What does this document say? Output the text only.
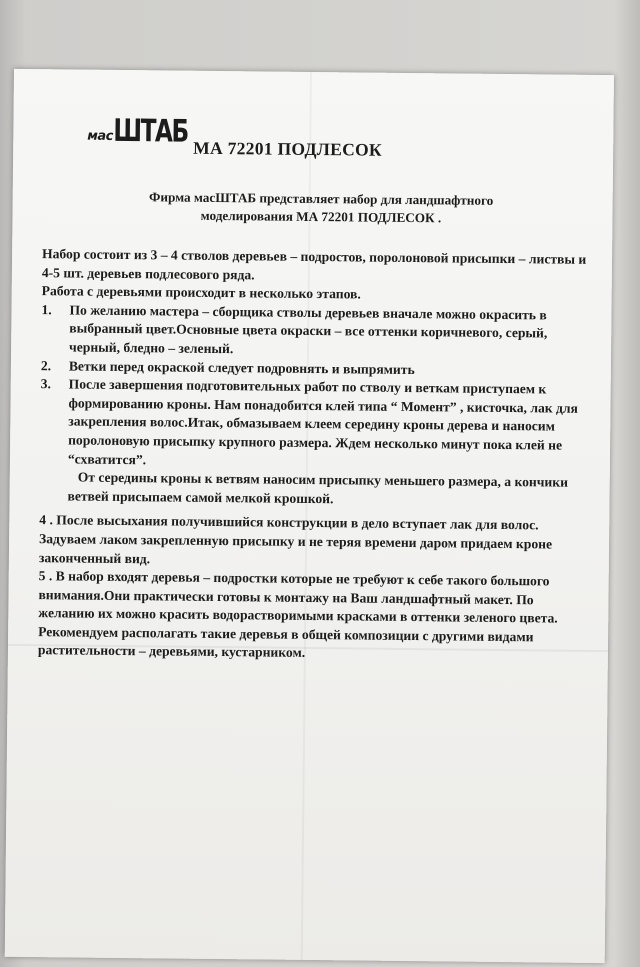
масШТАБ МА 72201 ПОДЛЕСОК
Фирма масШТАБ представляет набор для ландшафтного
моделирования МА 72201 ПОДЛЕСОК .

Набор состоит из 3 – 4 стволов деревьев – подростов, поролоновой присыпки – листвы и 4-5 шт. деревьев подлесового ряда.

Работа с деревьями происходит в несколько этапов.

1.	По желанию мастера – сборщика стволы деревьев вначале можно окрасить в выбранный цвет.Основные цвета окраски – все оттенки коричневого, серый, черный, бледно – зеленый.
2.	Ветки перед окраской следует подровнять и выпрямить
3.	После завершения подготовительных работ по стволу и веткам приступаем к формированию кроны. Нам понадобится клей типа “ Момент” , кисточка, лак для закрепления волос.Итак, обмазываем клеем середину кроны дерева и наносим поролоновую присыпку крупного размера. Ждем несколько минут пока клей не “схватится”.
От середины кроны к ветвям наносим присыпку меньшего размера, а кончики ветвей присыпаем самой мелкой крошкой.

4 . После высыхания получившийся конструкции в дело вступает лак для волос. Задуваем лаком закрепленную присыпку и не теряя времени даром придаем кроне законченный вид.

5 . В набор входят деревья – подростки которые не требуют к себе такого большого внимания.Они практически готовы к монтажу на Ваш ландшафтный макет. По желанию их можно красить водорастворимыми красками в оттенки зеленого цвета. Рекомендуем располагать такие деревья в общей композиции с другими видами растительности – деревьями, кустарником.
